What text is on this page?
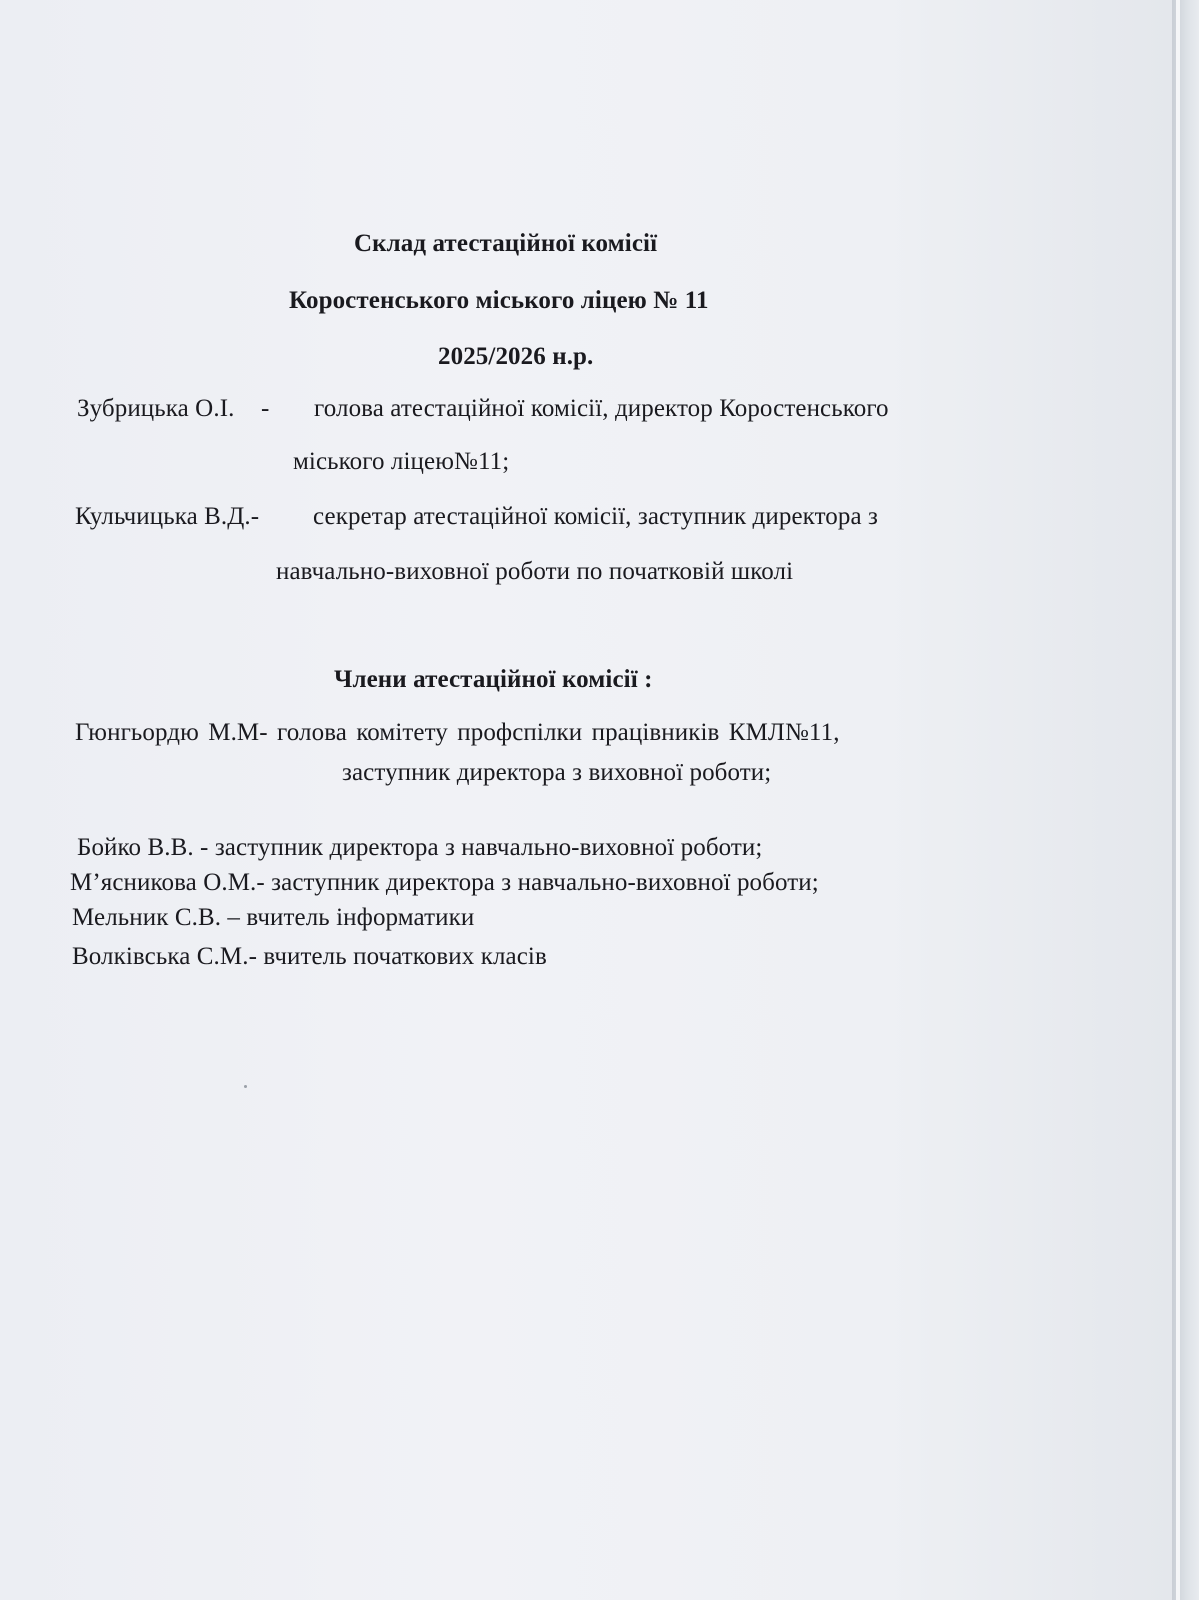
Склад атестаційної комісії
Коростенського міського ліцею № 11
2025/2026 н.р.
Зубрицька О.І. - голова атестаційної комісії, директор Коростенського
міського ліцею№11;
Кульчицька В.Д.- секретар атестаційної комісії, заступник директора з
навчально-виховної роботи по початковій школі
Члени атестаційної комісії :
Гюнгьордю М.М- голова комітету профспілки працівників КМЛ№11,
заступник директора з виховної роботи;
Бойко В.В. - заступник директора з навчально-виховної роботи;
М’ясникова О.М.- заступник директора з навчально-виховної роботи;
Мельник С.В. – вчитель інформатики
Волківська С.М.- вчитель початкових класів
